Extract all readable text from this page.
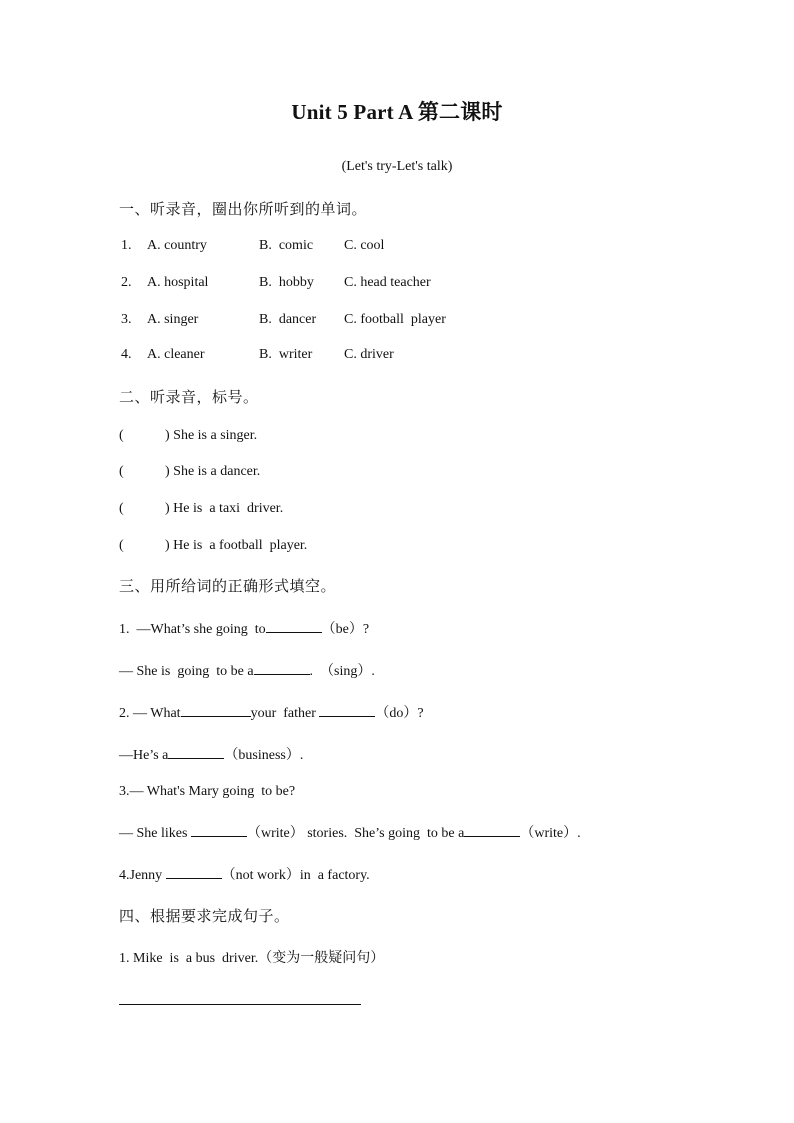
Unit 5 Part A 第二课时
(Let's try-Let's talk)
一、听录音，圈出你所听到的单词。
1. A. country	B.  comic C. cool
2. A. hospital	B.  hobby C. head teacher
3. A. singer	B.  dancer C. football  player
4. A. cleaner	B.  writer C. driver
二、听录音，标号。
(	) She is a singer.
(	) She is a dancer.
(	) He is  a taxi  driver.
(	) He is  a football  player.
三、用所给词的正确形式填空。
1.  —What’s she going  to	（be）?
— She is  going  to be a	.  （sing）.
2. — What	your  father	（do）?
—He’s a	（business）.
3.— What's Mary going  to be?
— She likes	（write） stories.  She’s going  to be a	（write）.
4.Jenny	（not work）in  a factory.
四、根据要求完成句子。
1. Mike  is  a bus  driver.（变为一般疑问句）
